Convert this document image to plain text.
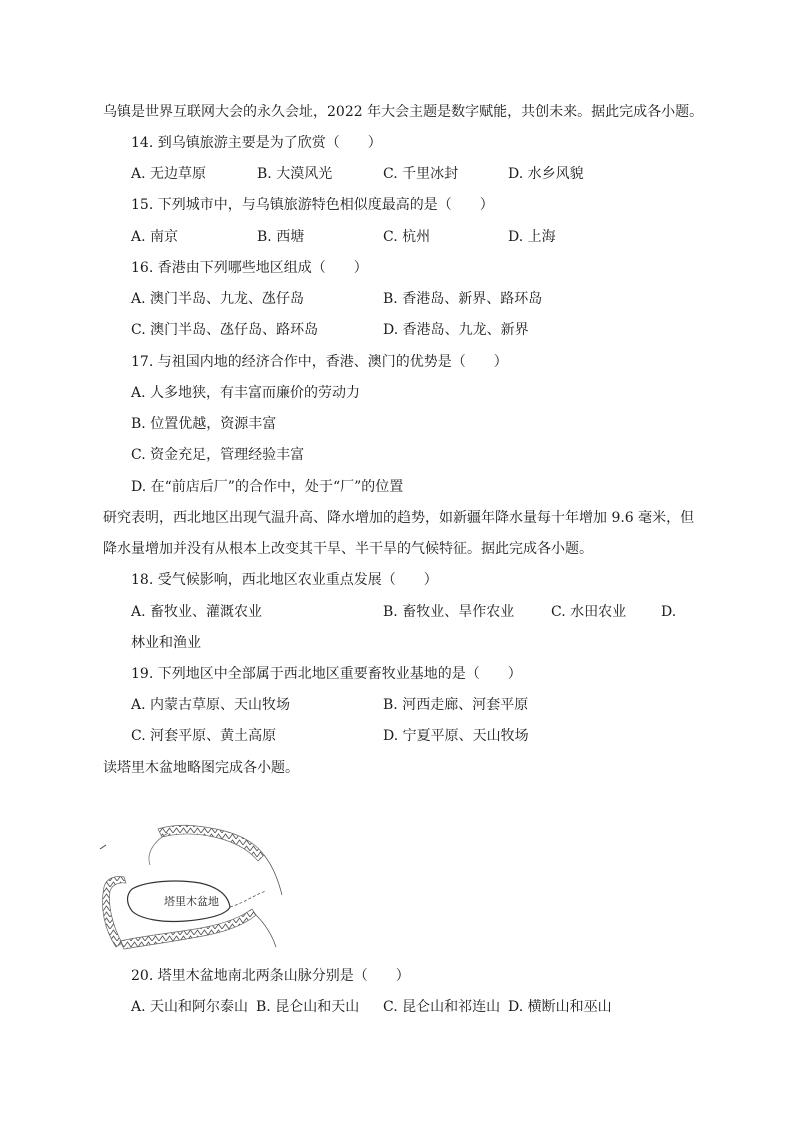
乌镇是世界互联网大会的永久会址，2022 年大会主题是数字赋能，共创未来。据此完成各小题。
14. 到乌镇旅游主要是为了欣赏（　　）
A. 无边草原	B. 大漠风光	C. 千里冰封	D. 水乡风貌
15. 下列城市中，与乌镇旅游特色相似度最高的是（　　）
A. 南京	B. 西塘	C. 杭州	D. 上海
16. 香港由下列哪些地区组成（　　）
A. 澳门半岛、九龙、氹仔岛	B. 香港岛、新界、路环岛
C. 澳门半岛、氹仔岛、路环岛	D. 香港岛、九龙、新界
17. 与祖国内地的经济合作中，香港、澳门的优势是（　　）
A. 人多地狭，有丰富而廉价的劳动力
B. 位置优越，资源丰富
C. 资金充足，管理经验丰富
D. 在“前店后厂”的合作中，处于“厂”的位置
研究表明，西北地区出现气温升高、降水增加的趋势，如新疆年降水量每十年增加 9.6 毫米，但
降水量增加并没有从根本上改变其干旱、半干旱的气候特征。据此完成各小题。
18. 受气候影响，西北地区农业重点发展（　　）
A. 畜牧业、灌溉农业	B. 畜牧业、旱作农业	C. 水田农业 D.
林业和渔业
19. 下列地区中全部属于西北地区重要畜牧业基地的是（　　）
A. 内蒙古草原、天山牧场	B. 河西走廊、河套平原
C. 河套平原、黄土高原	D. 宁夏平原、天山牧场
读塔里木盆地略图完成各小题。
塔里木盆地
20. 塔里木盆地南北两条山脉分别是（　　）
A. 天山和阿尔泰山 B. 昆仑山和天山 C. 昆仑山和祁连山 D. 横断山和巫山
